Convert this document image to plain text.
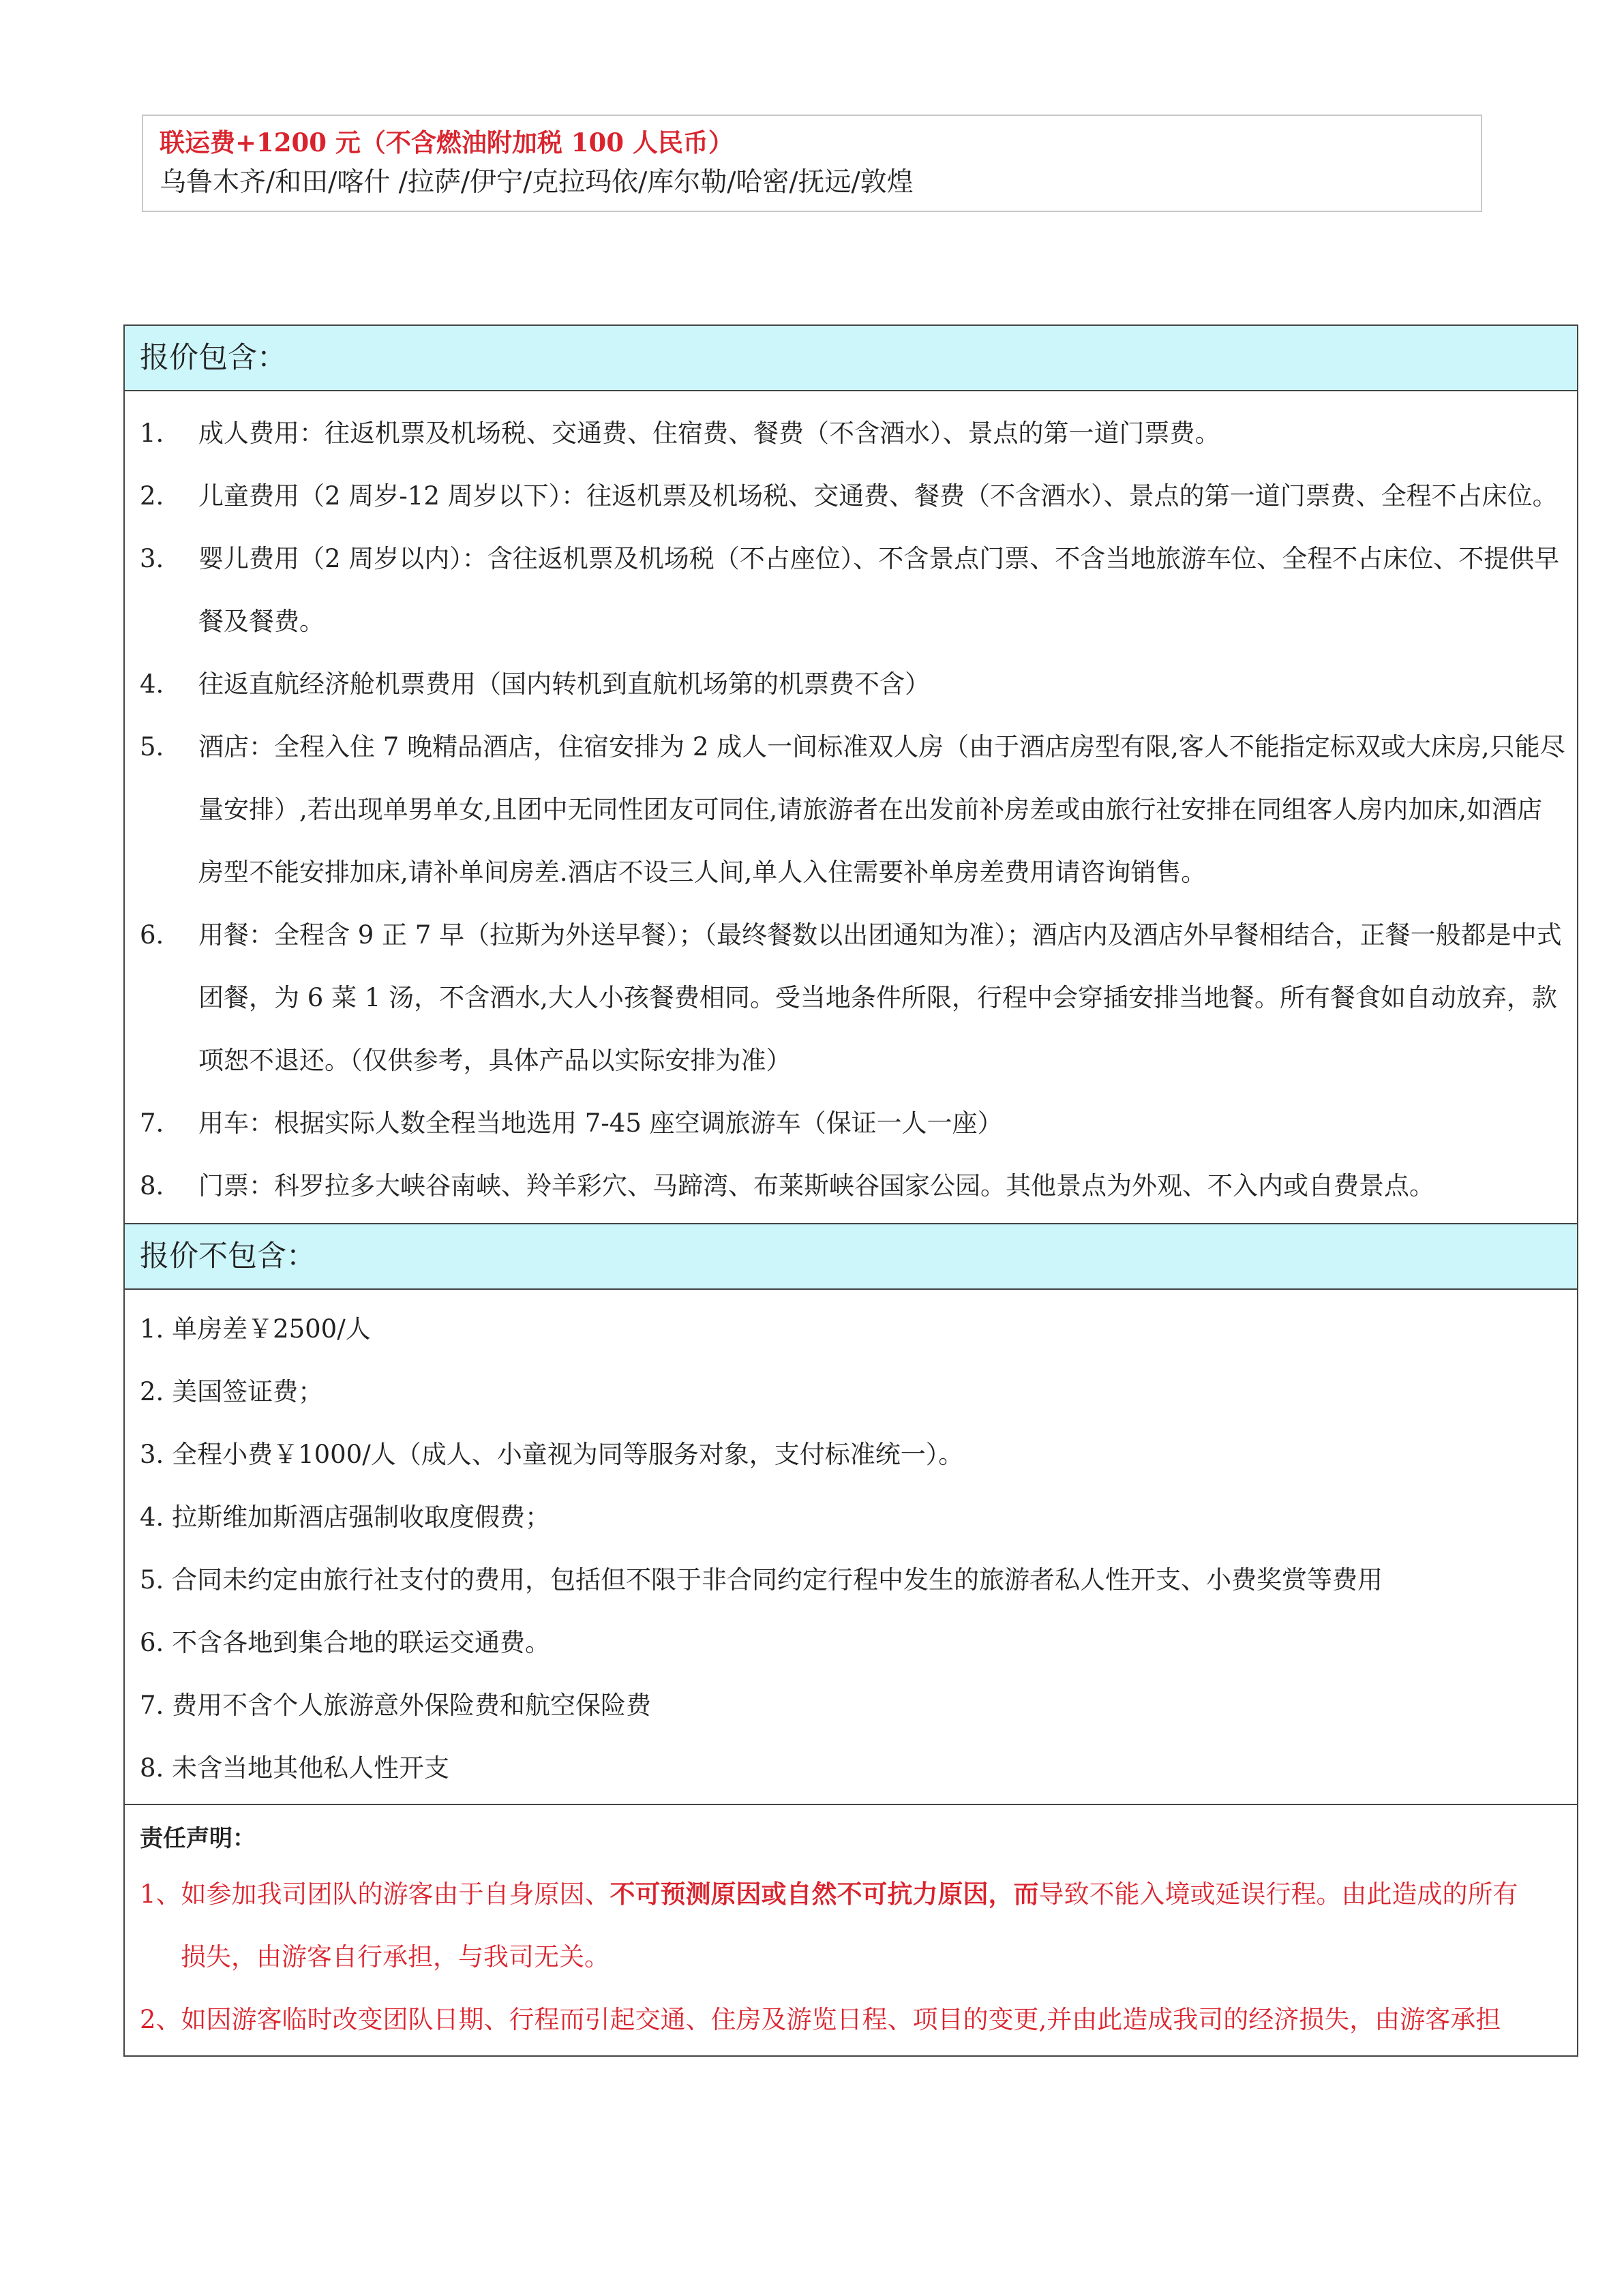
联运费+1200 元（不含燃油附加税 100 人民币）
乌鲁木齐/和田/喀什 /拉萨/伊宁/克拉玛依/库尔勒/哈密/抚远/敦煌
报价包含：
1.	成人费用：往返机票及机场税、交通费、住宿费、餐费（不含酒水）、景点的第一道门票费。
2.	儿童费用（2 周岁-12 周岁以下）：往返机票及机场税、交通费、餐费（不含酒水）、景点的第一道门票费、全程不占床位。
3.	婴儿费用（2 周岁以内）：含往返机票及机场税（不占座位）、不含景点门票、不含当地旅游车位、全程不占床位、不提供早餐及餐费。
4.	往返直航经济舱机票费用（国内转机到直航机场第的机票费不含）
5.	酒店：全程入住 7 晚精品酒店，住宿安排为 2 成人一间标准双人房（由于酒店房型有限,客人不能指定标双或大床房,只能尽量安排）,若出现单男单女,且团中无同性团友可同住,请旅游者在出发前补房差或由旅行社安排在同组客人房内加床,如酒店房型不能安排加床,请补单间房差.酒店不设三人间,单人入住需要补单房差费用请咨询销售。
6.	用餐：全程含 9 正 7 早（拉斯为外送早餐）；（最终餐数以出团通知为准）；酒店内及酒店外早餐相结合，正餐一般都是中式团餐，为 6 菜 1 汤，不含酒水,大人小孩餐费相同。受当地条件所限，行程中会穿插安排当地餐。所有餐食如自动放弃，款项恕不退还。（仅供参考，具体产品以实际安排为准）
7.	用车：根据实际人数全程当地选用 7-45 座空调旅游车（保证一人一座）
8.	门票：科罗拉多大峡谷南峡、羚羊彩穴、马蹄湾、布莱斯峡谷国家公园。其他景点为外观、不入内或自费景点。
报价不包含：
1. 单房差￥2500/人
2. 美国签证费；
3. 全程小费￥1000/人（成人、小童视为同等服务对象，支付标准统一）。
4. 拉斯维加斯酒店强制收取度假费；
5. 合同未约定由旅行社支付的费用，包括但不限于非合同约定行程中发生的旅游者私人性开支、小费奖赏等费用
6. 不含各地到集合地的联运交通费。
7. 费用不含个人旅游意外保险费和航空保险费
8. 未含当地其他私人性开支
责任声明：
1、如参加我司团队的游客由于自身原因、不可预测原因或自然不可抗力原因，而导致不能入境或延误行程。由此造成的所有
损失，由游客自行承担，与我司无关。
2、如因游客临时改变团队日期、行程而引起交通、住房及游览日程、项目的变更,并由此造成我司的经济损失，由游客承担
